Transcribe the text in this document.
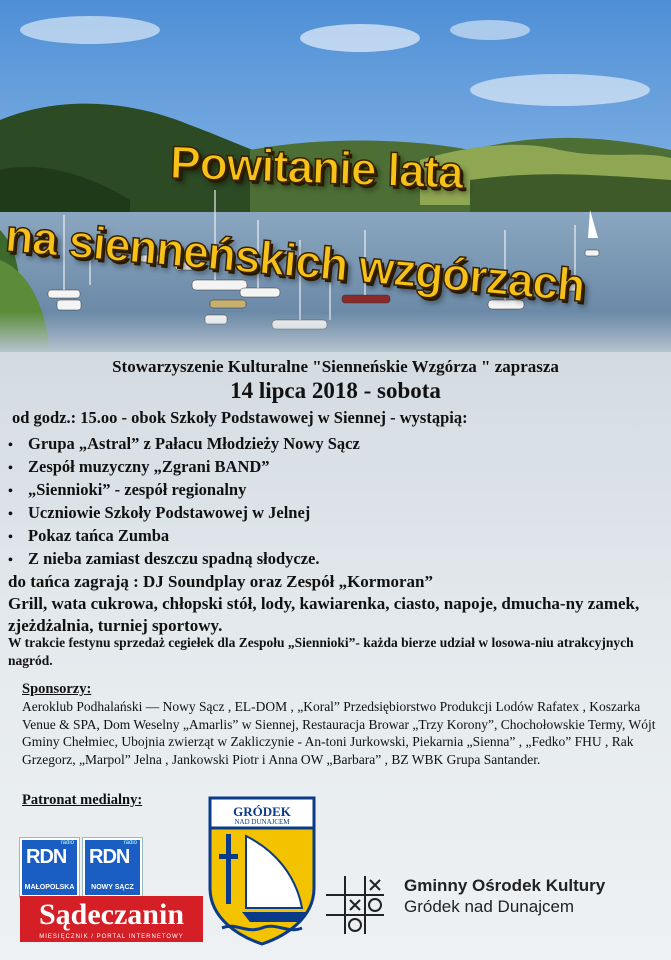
Powitanie lata
na sienneńskich wzgórzach
Stowarzyszenie Kulturalne "Sienneńskie Wzgórza " zaprasza
14 lipca 2018 - sobota
od godz.: 15.oo - obok Szkoły Podstawowej w Siennej - wystąpią:
• Grupa „Astral” z Pałacu Młodzieży Nowy Sącz
• Zespół muzyczny „Zgrani BAND”
• „Siennioki” - zespół regionalny
• Uczniowie Szkoły Podstawowej w Jelnej
• Pokaz tańca Zumba
• Z nieba zamiast deszczu spadną słodycze.
do tańca zagrają : DJ Soundplay oraz Zespół „Kormoran”
Grill, wata cukrowa, chłopski stół, lody, kawiarenka, ciasto, napoje, dmucha-ny zamek, zjeżdżalnia, turniej sportowy.
W trakcie festynu sprzedaż cegiełek dla Zespołu „Siennioki”- każda bierze udział w losowa-niu atrakcyjnych nagród.
Sponsorzy:
Aeroklub Podhalański — Nowy Sącz , EL-DOM , „Koral” Przedsiębiorstwo Produkcji Lodów Rafatex , Koszarka Venue & SPA, Dom Weselny „Amarlis” w Siennej, Restauracja Browar „Trzy Korony”, Chochołowskie Termy, Wójt Gminy Chełmiec, Ubojnia zwierząt w Zakliczynie - An-toni Jurkowski, Piekarnia „Sienna” , „Fedko” FHU , Rak Grzegorz, „Marpol” Jelna , Jankowski Piotr i Anna OW „Barbara” , BZ WBK Grupa Santander.
Patronat medialny:
radio
RDN
MAŁOPOLSKA
radio
RDN
NOWY SĄCZ
Sądeczanin
MIESIĘCZNIK / PORTAL INTERNETOWY
GRÓDEK
NAD DUNAJCEM
Gminny Ośrodek Kultury
Gródek nad Dunajcem
